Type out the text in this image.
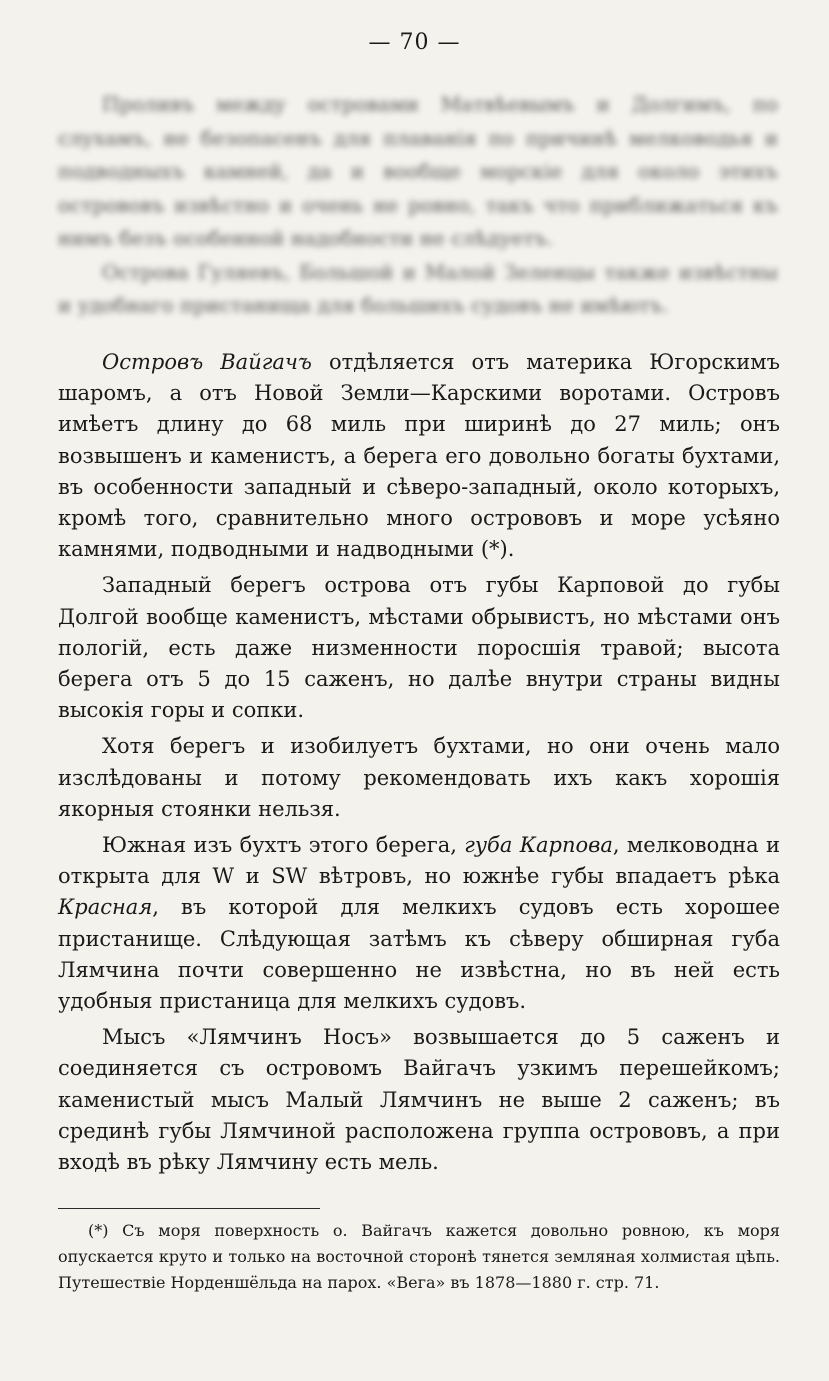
— 70 —

Проливъ между островами Матвѣевымъ и Долгимъ, по слухамъ, не безопасенъ для плаванія по причинѣ мелководья и подводныхъ камней, да и вообще морскіе для около этихъ острововъ извѣстно и очень не ровно, такъ что приближаться къ нимъ безъ особенной надобности не слѣдуетъ.

Острова Гуляевъ, Большой и Малой Зеленцы также извѣстны и удобнаго пристанища для большихъ судовъ не имѣютъ.

Островъ Вайгачъ отдѣляется отъ материка Югорскимъ шаромъ, а отъ Новой Земли—Карскими воротами. Островъ имѣетъ длину до 68 миль при ширинѣ до 27 миль; онъ возвышенъ и каменистъ, а берега его довольно богаты бухтами, въ особенности западный и сѣверо-западный, около которыхъ, кромѣ того, сравнительно много острововъ и море усѣяно камнями, подводными и надводными (*).

Западный берегъ острова отъ губы Карповой до губы Долгой вообще каменистъ, мѣстами обрывистъ, но мѣстами онъ пологій, есть даже низменности поросшія травой; высота берега отъ 5 до 15 саженъ, но далѣе внутри страны видны высокія горы и сопки.

Хотя берегъ и изобилуетъ бухтами, но они очень мало изслѣдованы и потому рекомендовать ихъ какъ хорошія якорныя стоянки нельзя.

Южная изъ бухтъ этого берега, губа Карпова, мелководна и открыта для W и SW вѣтровъ, но южнѣе губы впадаетъ рѣка Красная, въ которой для мелкихъ судовъ есть хорошее пристанище. Слѣдующая затѣмъ къ сѣверу обширная губа Лямчина почти совершенно не извѣстна, но въ ней есть удобныя пристаница для мелкихъ судовъ.

Мысъ «Лямчинъ Носъ» возвышается до 5 саженъ и соединяется съ островомъ Вайгачъ узкимъ перешейкомъ; каменистый мысъ Малый Лямчинъ не выше 2 саженъ; въ срединѣ губы Лямчиной расположена группа острововъ, а при входѣ въ рѣку Лямчину есть мель.

(*) Съ моря поверхность о. Вайгачъ кажется довольно ровною, къ моря опускается круто и только на восточной сторонѣ тянется земляная холмистая цѣпь. Путешествіе Норденшёльда на парох. «Вега» въ 1878—1880 г. стр. 71.
